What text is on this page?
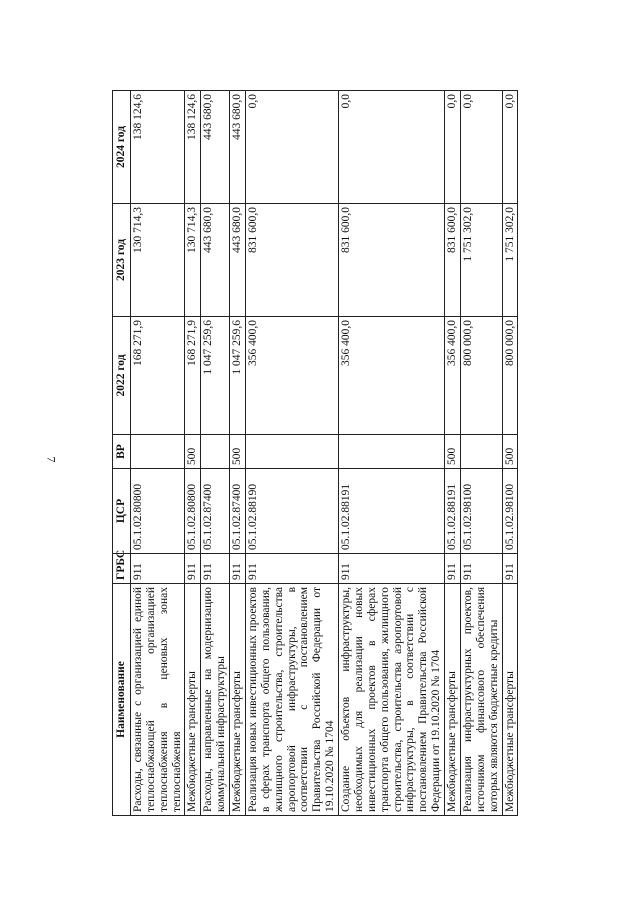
7
Наименование	ГРБС	ЦСР	ВР	2022 год	2023 год	2024 год
Расходы, связанные с организацией единой теплоснабжающей организацией теплоснабжения в ценовых зонах теплоснабжения	911	05.1.02.80800		168 271,9	130 714,3	138 124,6
Межбюджетные трансферты	911	05.1.02.80800	500	168 271,9	130 714,3	138 124,6
Расходы, направленные на модернизацию коммунальной инфраструктуры	911	05.1.02.87400		1 047 259,6	443 680,0	443 680,0
Межбюджетные трансферты	911	05.1.02.87400	500	1 047 259,6	443 680,0	443 680,0
Реализация новых инвестиционных проектов в сферах транспорта общего пользования, жилищного строительства, строительства аэропортовой инфраструктуры, в соответствии с постановлением Правительства Российской Федерации от 19.10.2020 № 1704	911	05.1.02.88190		356 400,0	831 600,0	0,0
Создание объектов инфраструктуры, необходимых для реализации новых инвестиционных проектов в сферах транспорта общего пользования, жилищного строительства, строительства аэропортовой инфраструктуры, в соответствии с постановлением Правительства Российской Федерации от 19.10.2020 № 1704	911	05.1.02.88191		356 400,0	831 600,0	0,0
Межбюджетные трансферты	911	05.1.02.88191	500	356 400,0	831 600,0	0,0
Реализация инфраструктурных проектов, источником финансового обеспечения которых являются бюджетные кредиты	911	05.1.02.98100		800 000,0	1 751 302,0	0,0
Межбюджетные трансферты	911	05.1.02.98100	500	800 000,0	1 751 302,0	0,0
